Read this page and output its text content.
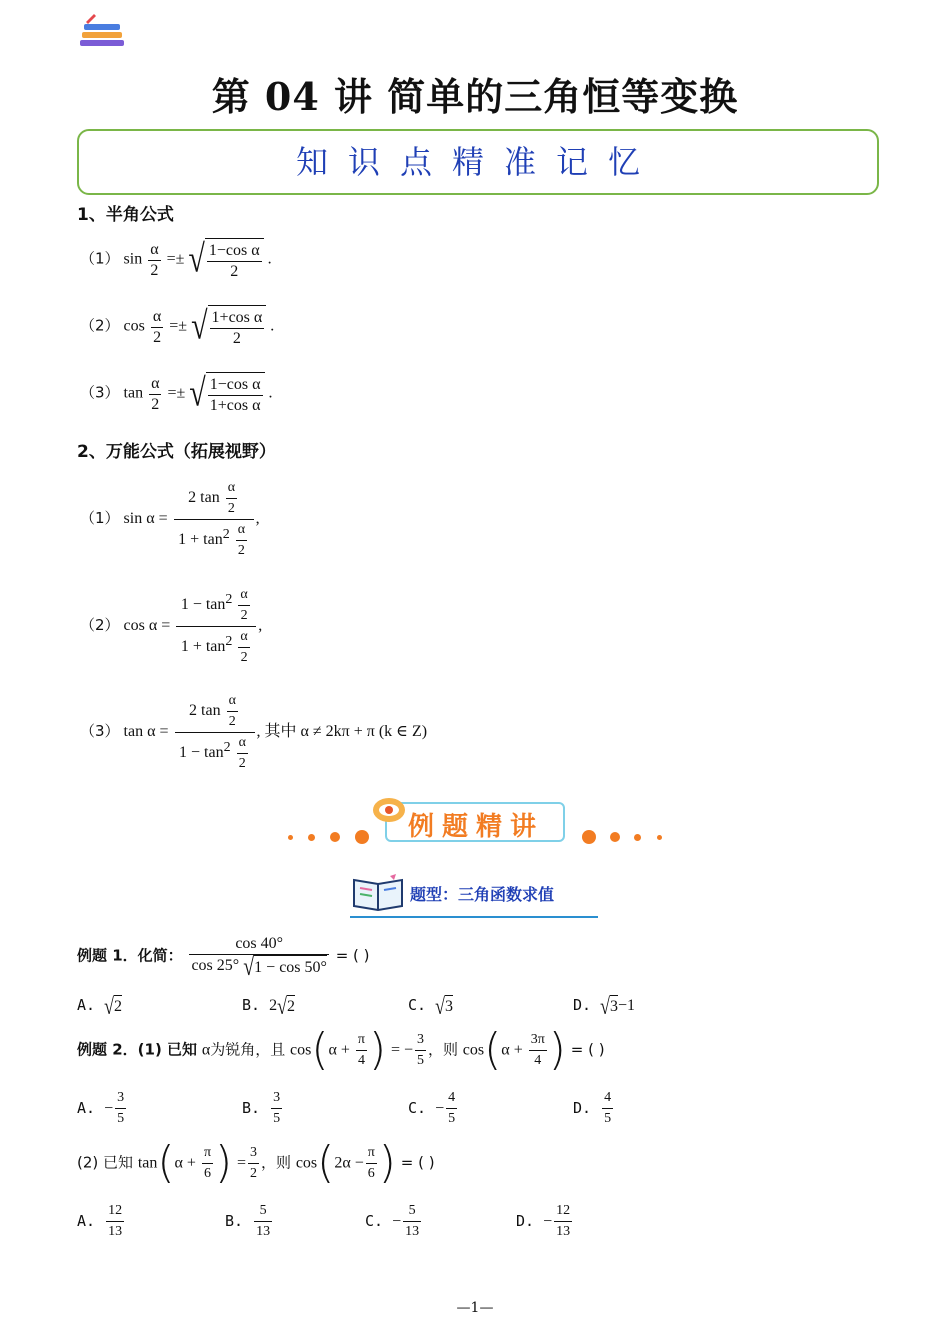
第 04 讲 简单的三角恒等变换
知识点精准记忆
1、半角公式
（1） $\sin \frac{\alpha}{2}$ =± √ $\frac{\text{1−cos α}}{2}$ .
（2） $\cos \frac{\alpha}{2}$ =± √ $\frac{\text{1+cos α}}{2}$ .
（3） $\tan \frac{\alpha}{2}$ =± √ $\frac{\text{1−cos α}}{\text{1+cos α}}$ .
2、万能公式（拓展视野）
（1） $\sin \alpha = \frac{2 \tan \frac{\alpha}{2}}{1 + \tan^2 \frac{\alpha}{2}}$ ,
（2） $\cos \alpha = \frac{1 - \tan^2 \frac{\alpha}{2}}{1 + \tan^2 \frac{\alpha}{2}}$ ,
（3） $\tan \alpha = \frac{2 \tan \frac{\alpha}{2}}{1 - \tan^2 \frac{\alpha}{2}}$ , 其中 α ≠ 2kπ + π (k ∈ Z)
例题精讲
题型：三角函数求值
例题 1．化简： $\frac{\cos 40^\circ}{\cos 25^\circ √1 - \cos 50^\circ}$ = ( )
A. √2	B. 2√2	C. √3	D. √3−1
例题 2．(1) 已知 α为锐角，且 $\cos(\alpha + \frac{\pi}{4}$ ) = − $\frac{3}{5}$ ，则 $\cos(\alpha + \frac{3\pi}{4}$ ) = ( )
A. − $\frac{3}{5}$	B. $\frac{3}{5}$	C. − $\frac{4}{5}$	D. $\frac{4}{5}$
(2) 已知 $\tan(\alpha + \frac{\pi}{6}$ ) = $\frac{3}{2}$ ，则 $\cos(2\alpha - \frac{\pi}{6}$ ) = ( )
A. $\frac{12}{13}$	B. $\frac{5}{13}$	C. − $\frac{5}{13}$	D. − $\frac{12}{13}$
—1—
